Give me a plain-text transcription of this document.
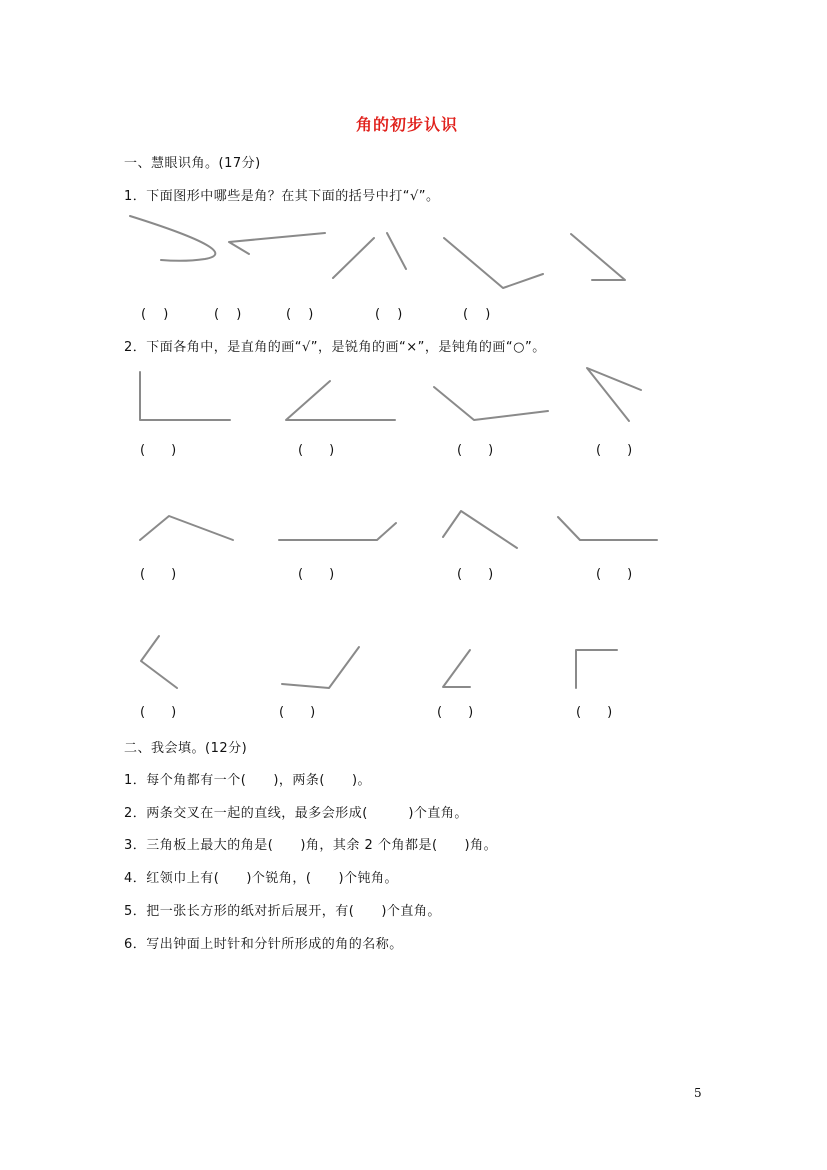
角的初步认识
一、慧眼识角。(17分)
1．下面图形中哪些是角？在其下面的括号中打“√”。
(　 )	(　 )	(　 )	(　 )	(　 )
2．下面各角中，是直角的画“√”，是锐角的画“×”，是钝角的画“○”。
(　　)	(　　)	(　　)	(　　)
(　　)	(　　)	(　　)	(　　)
(　　)	(　　)	(　　)	(　　)
二、我会填。(12分)
1．每个角都有一个(　　)，两条(　　)。
2．两条交叉在一起的直线，最多会形成(　　　)个直角。
3．三角板上最大的角是(　　)角，其余 2 个角都是(　　)角。
4．红领巾上有(　　)个锐角，(　　)个钝角。
5．把一张长方形的纸对折后展开，有(　　)个直角。
6．写出钟面上时针和分针所形成的角的名称。
5
